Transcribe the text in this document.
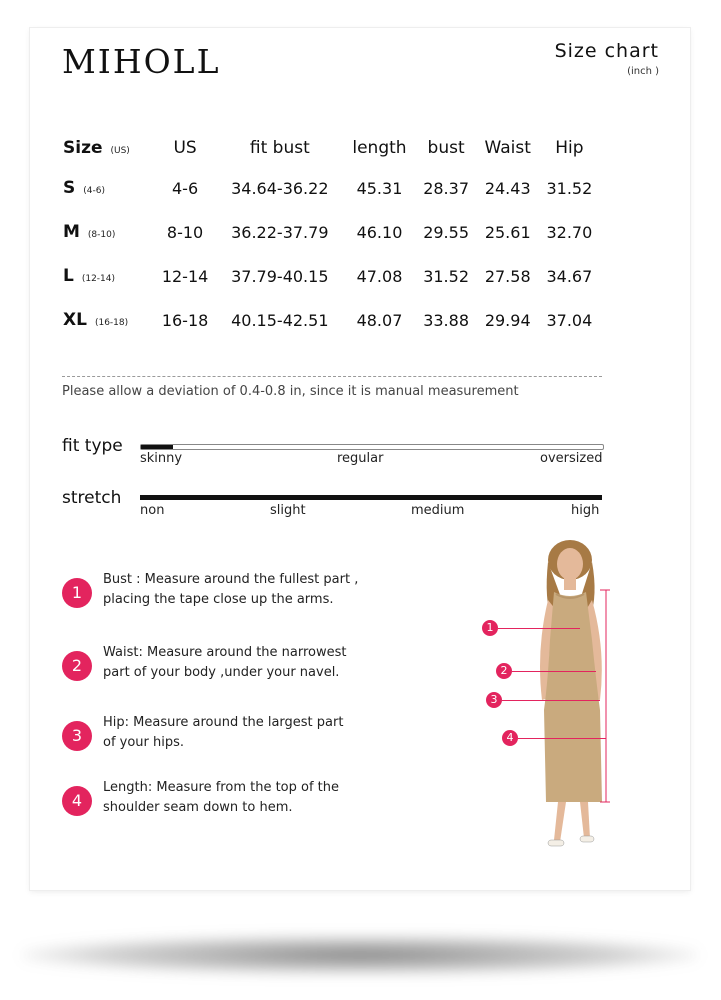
MIHOLL	Size chart
(inch )
Size (US)	US	fit bust	length	bust	Waist	Hip
S (4-6)	4-6	34.64-36.22	45.31	28.37	24.43	31.52
M (8-10)	8-10	36.22-37.79	46.10	29.55	25.61	32.70
L (12-14)	12-14	37.79-40.15	47.08	31.52	27.58	34.67
XL (16-18)	16-18	40.15-42.51	48.07	33.88	29.94	37.04
Please allow a deviation of 0.4-0.8 in, since it is manual measurement
fit type
skinny	regular	oversized
stretch
non	slight	medium	high
1
Bust : Measure around the fullest part ,
placing the tape close up the arms.
2
Waist: Measure around the narrowest
part of your body ,under your navel.
3
Hip: Measure around the largest part
of your hips.
4
Length: Measure from the top of the
shoulder seam down to hem.
1
2
3
4
